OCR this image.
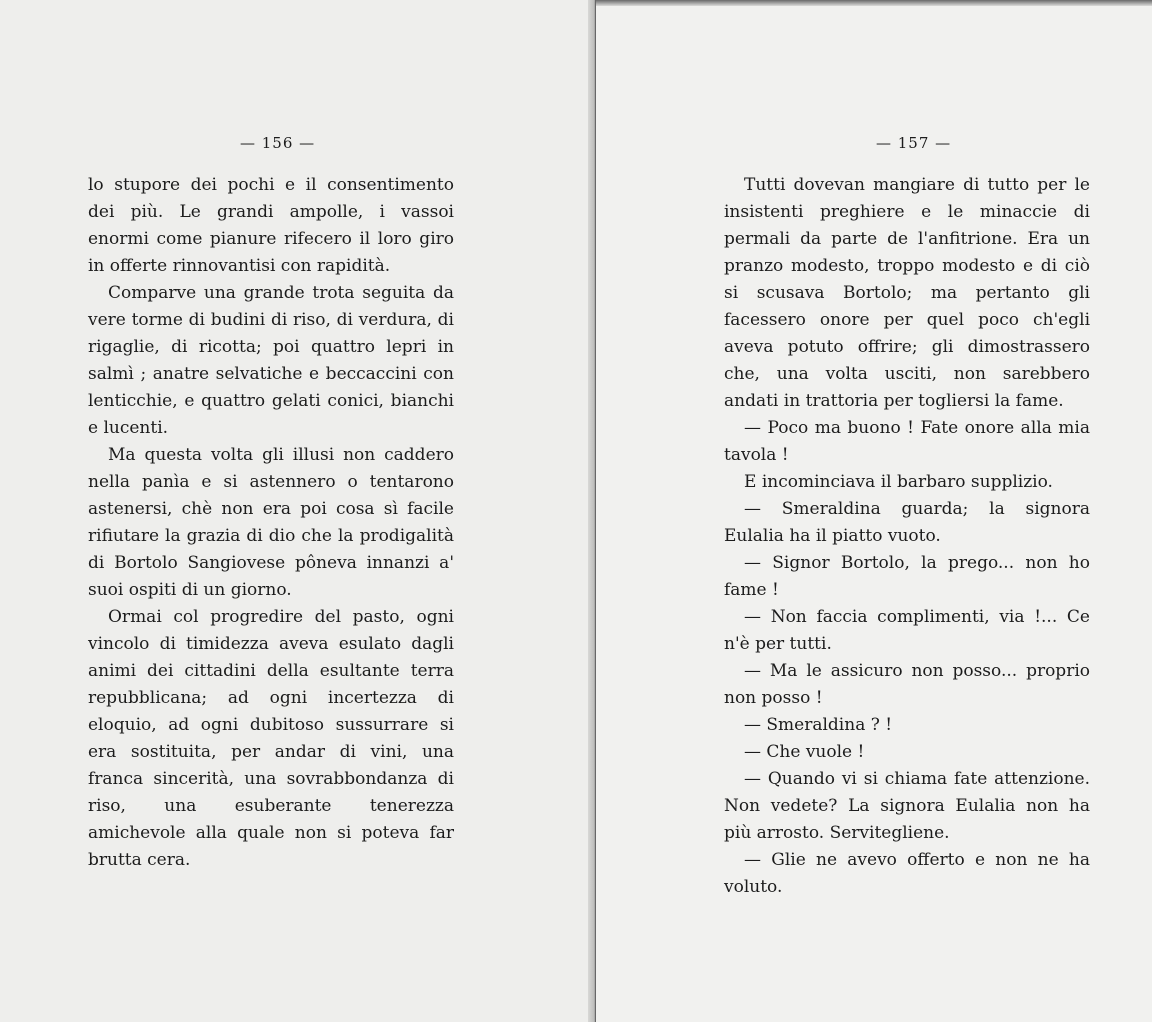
— 156 —

lo stupore dei pochi e il consentimento dei più. Le grandi ampolle, i vassoi enormi come pianure rifecero il loro giro in offerte rinnovantisi con rapidità.

Comparve una grande trota seguita da vere torme di budini di riso, di verdura, di rigaglie, di ricotta; poi quattro lepri in salmì ; anatre selvatiche e beccaccini con lenticchie, e quattro gelati conici, bianchi e lucenti.

Ma questa volta gli illusi non caddero nella panìa e si astennero o tentarono astenersi, chè non era poi cosa sì facile rifiutare la grazia di dio che la prodigalità di Bortolo Sangiovese pôneva innanzi a' suoi ospiti di un giorno.

Ormai col progredire del pasto, ogni vincolo di timidezza aveva esulato dagli animi dei cittadini della esultante terra repubblicana; ad ogni incertezza di eloquio, ad ogni dubitoso sussurrare si era sostituita, per andar di vini, una franca sincerità, una sovrabbondanza di riso, una esuberante tenerezza amichevole alla quale non si poteva far brutta cera.

— 157 —

Tutti dovevan mangiare di tutto per le insistenti preghiere e le minaccie di permali da parte de l'anfitrione. Era un pranzo modesto, troppo modesto e di ciò si scusava Bortolo; ma pertanto gli facessero onore per quel poco ch'egli aveva potuto offrire; gli dimostrassero che, una volta usciti, non sarebbero andati in trattoria per togliersi la fame.

— Poco ma buono ! Fate onore alla mia tavola !

E incominciava il barbaro supplizio.

— Smeraldina guarda; la signora Eulalia ha il piatto vuoto.

— Signor Bortolo, la prego... non ho fame !

— Non faccia complimenti, via !... Ce n'è per tutti.

— Ma le assicuro non posso... proprio non posso !

— Smeraldina ? !

— Che vuole !

— Quando vi si chiama fate attenzione. Non vedete? La signora Eulalia non ha più arrosto. Servitegliene.

— Glie ne avevo offerto e non ne ha voluto.
